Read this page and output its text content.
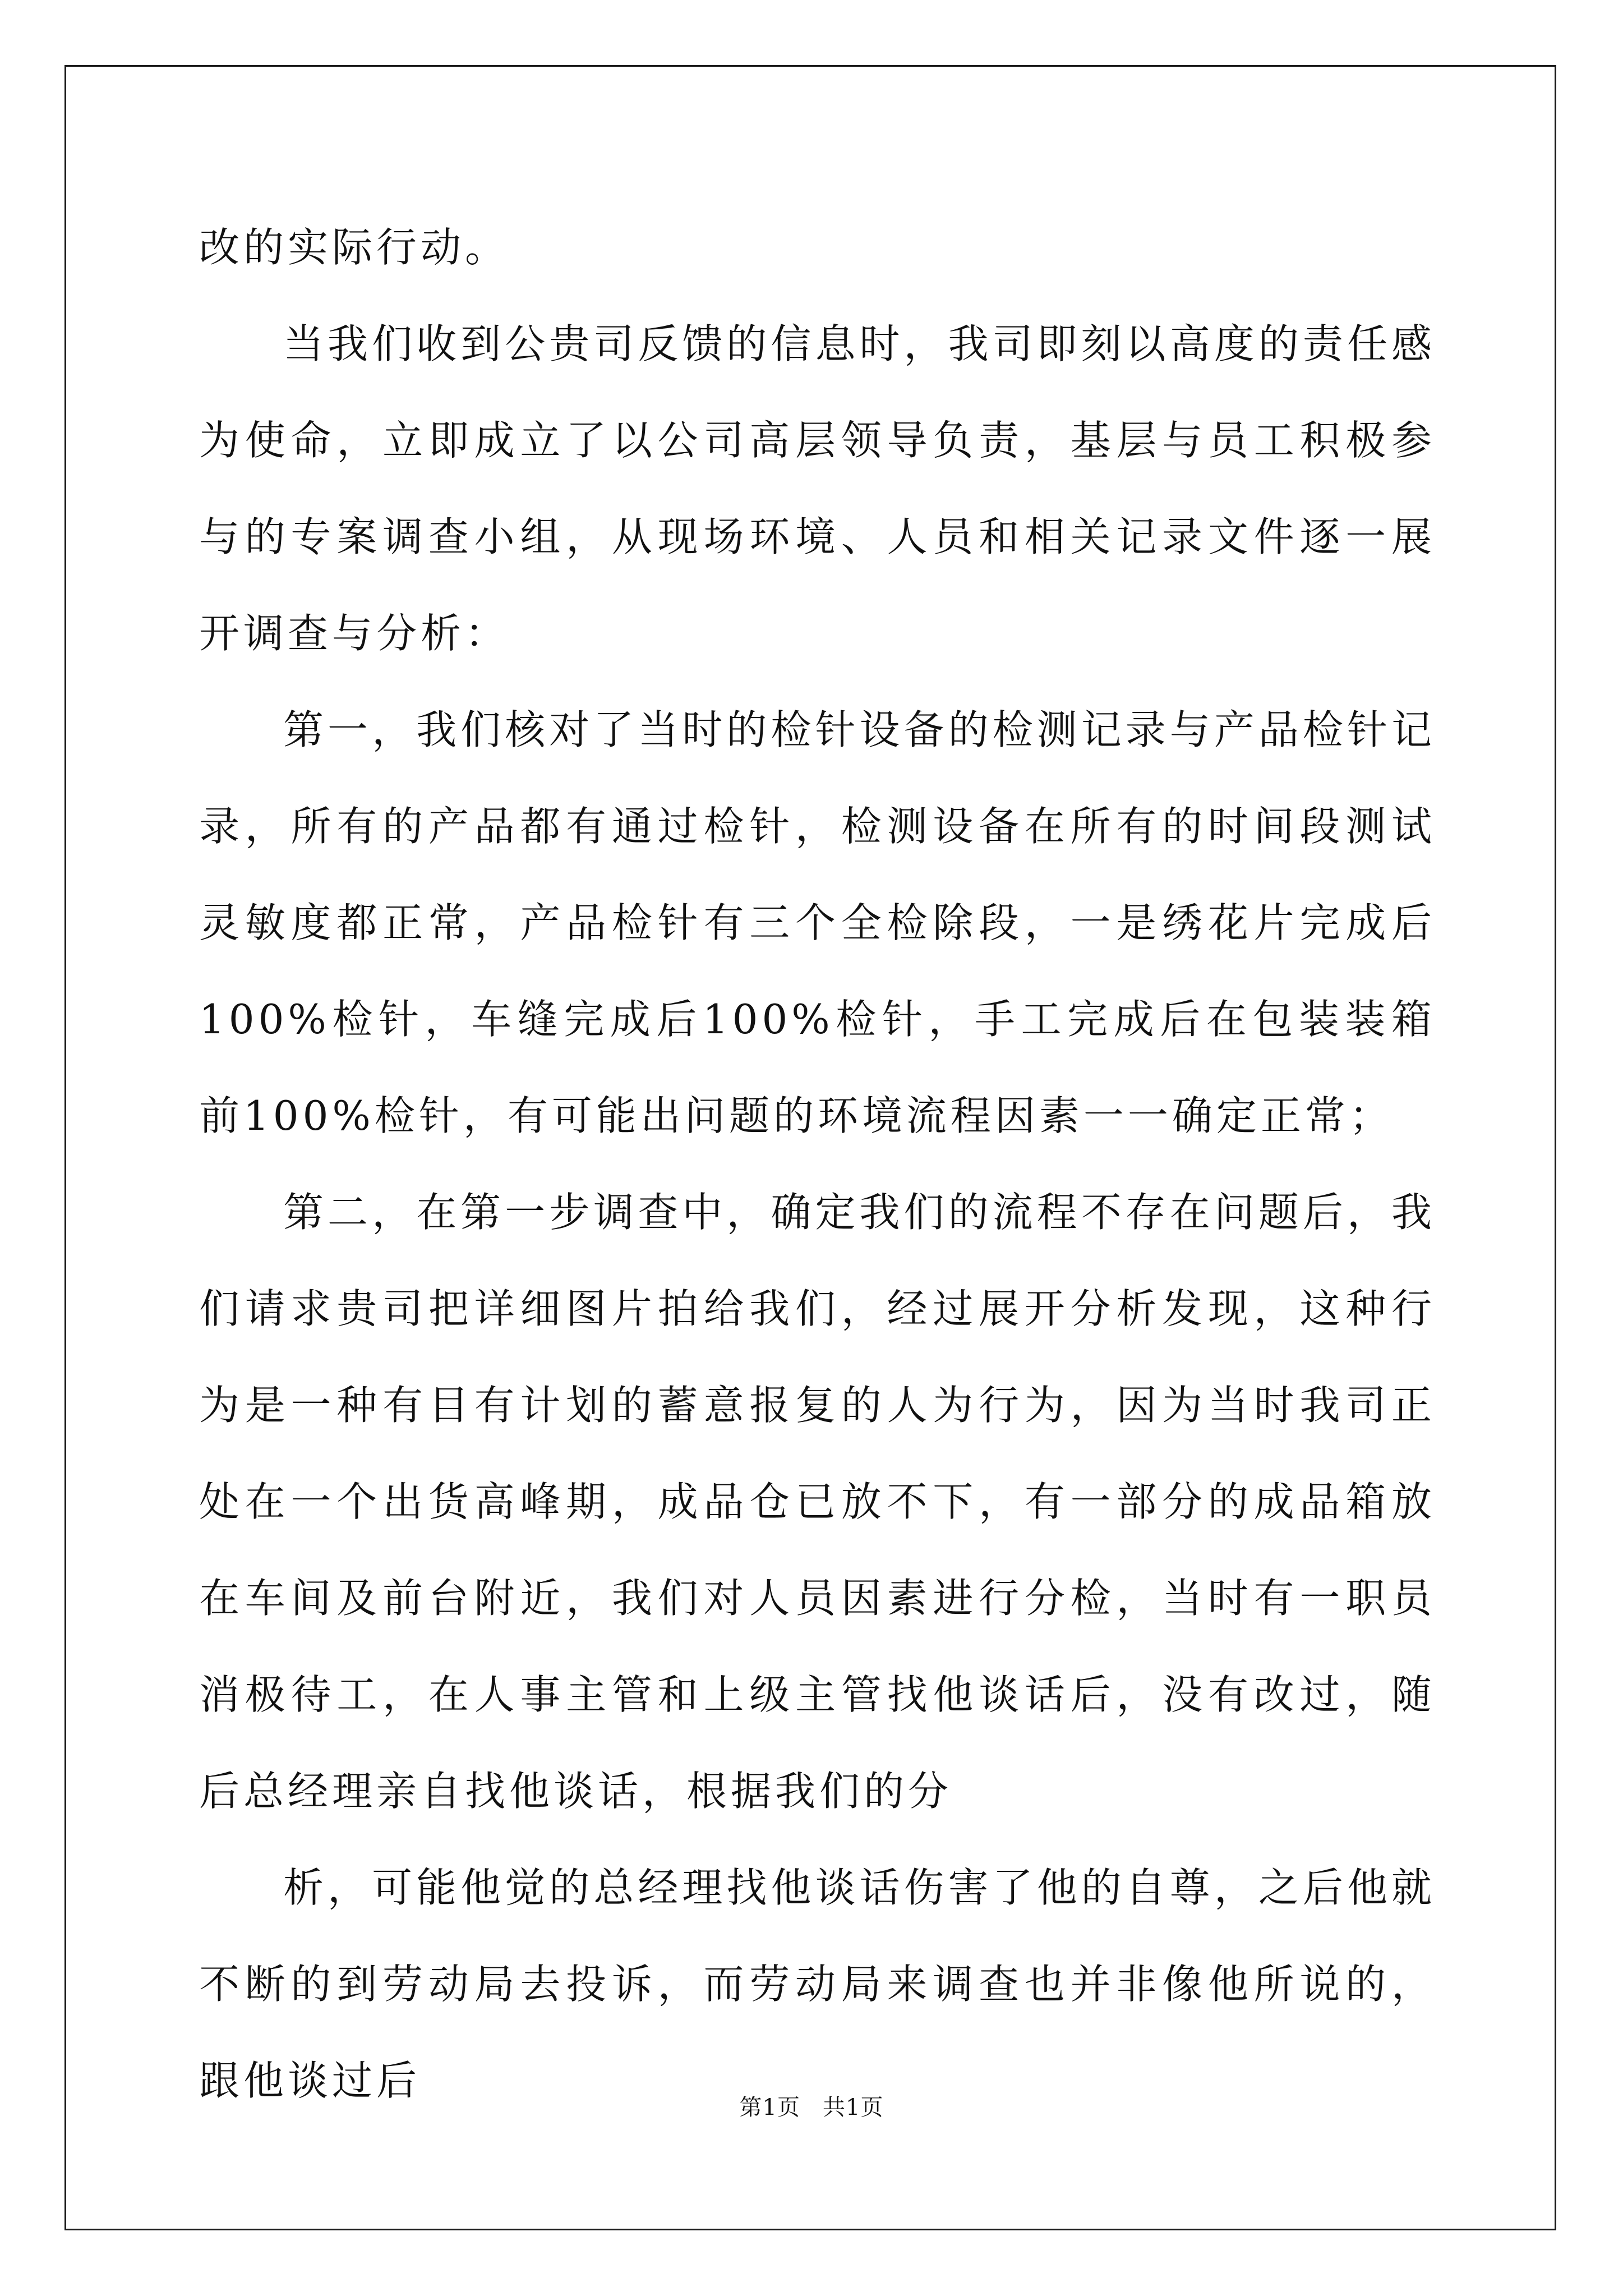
改的实际行动。

当我们收到公贵司反馈的信息时，我司即刻以高度的责任感为使命，立即成立了以公司高层领导负责，基层与员工积极参与的专案调查小组，从现场环境、人员和相关记录文件逐一展开调查与分析：

第一，我们核对了当时的检针设备的检测记录与产品检针记录，所有的产品都有通过检针，检测设备在所有的时间段测试灵敏度都正常，产品检针有三个全检除段，一是绣花片完成后100%检针，车缝完成后100%检针，手工完成后在包装装箱前100%检针，有可能出问题的环境流程因素一一确定正常；

第二，在第一步调查中，确定我们的流程不存在问题后，我们请求贵司把详细图片拍给我们，经过展开分析发现，这种行为是一种有目有计划的蓄意报复的人为行为，因为当时我司正处在一个出货高峰期，成品仓已放不下，有一部分的成品箱放在车间及前台附近，我们对人员因素进行分检，当时有一职员消极待工，在人事主管和上级主管找他谈话后，没有改过，随后总经理亲自找他谈话，根据我们的分

析，可能他觉的总经理找他谈话伤害了他的自尊，之后他就不断的到劳动局去投诉，而劳动局来调查也并非像他所说的，跟他谈过后

第1页 共1页
